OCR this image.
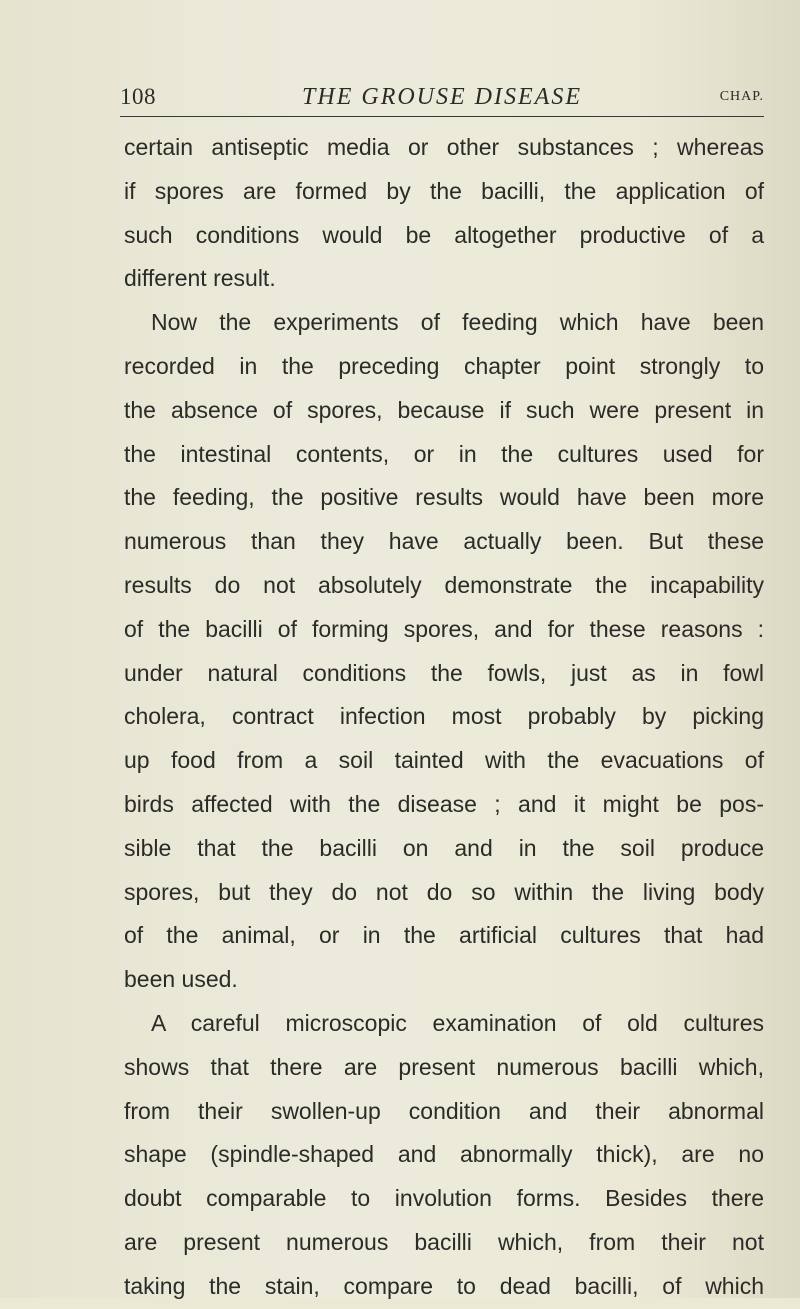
108	THE GROUSE DISEASE	CHAP.
certain antiseptic media or other substances ; whereas
if spores are formed by the bacilli, the application of
such conditions would be altogether productive of a
different result.
Now the experiments of feeding which have been
recorded in the preceding chapter point strongly to
the absence of spores, because if such were present in
the intestinal contents, or in the cultures used for
the feeding, the positive results would have been more
numerous than they have actually been. But these
results do not absolutely demonstrate the incapability
of the bacilli of forming spores, and for these reasons :
under natural conditions the fowls, just as in fowl
cholera, contract infection most probably by picking
up food from a soil tainted with the evacuations of
birds affected with the disease ; and it might be pos-
sible that the bacilli on and in the soil produce
spores, but they do not do so within the living body
of the animal, or in the artificial cultures that had
been used.
A careful microscopic examination of old cultures
shows that there are present numerous bacilli which,
from their swollen-up condition and their abnormal
shape (spindle-shaped and abnormally thick), are no
doubt comparable to involution forms. Besides there
are present numerous bacilli which, from their not
taking the stain, compare to dead bacilli, of which
